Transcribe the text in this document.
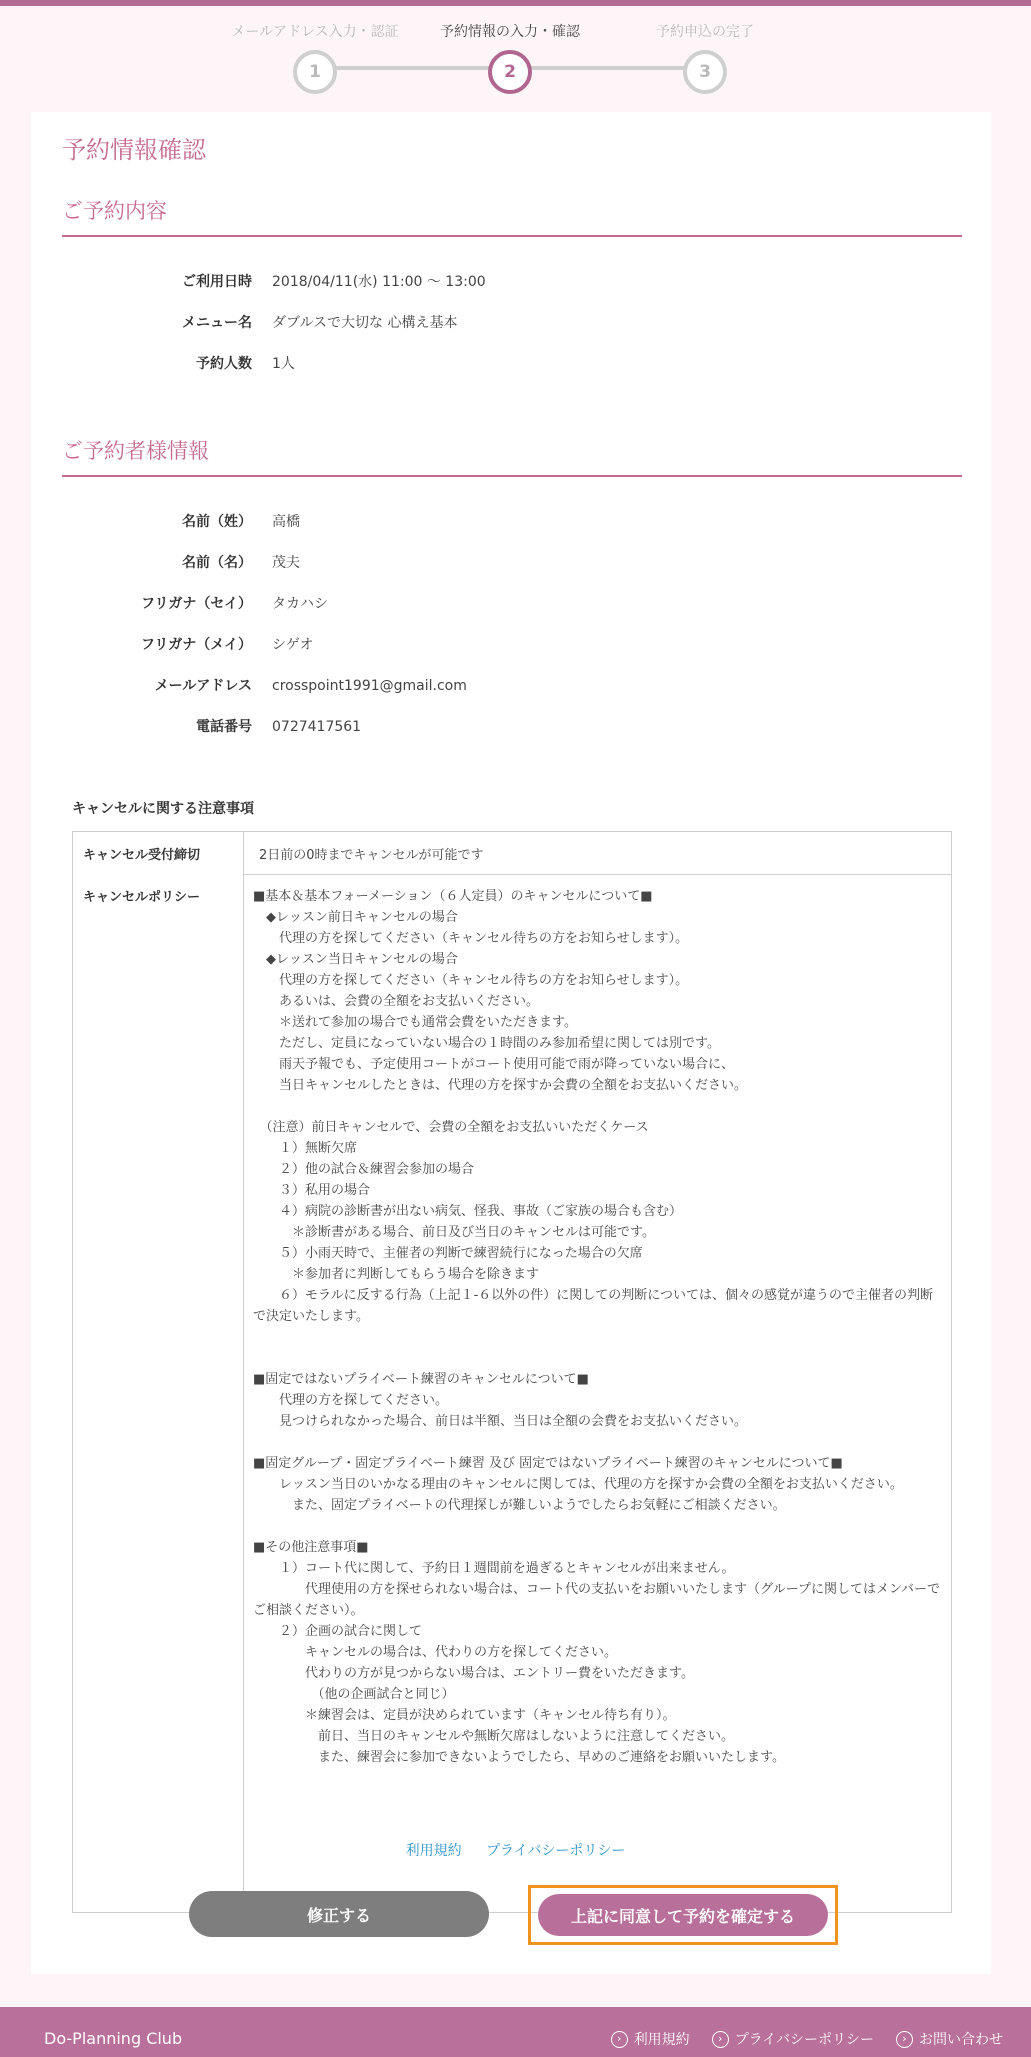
メールアドレス入力・認証
1
予約情報の入力・確認
2
予約申込の完了
3
予約情報確認
ご予約内容
ご利用日時 2018/04/11(水) 11:00 ～ 13:00
メニュー名 ダブルスで大切な 心構え基本
予約人数 1人
ご予約者様情報
名前（姓） 高橋
名前（名） 茂夫
フリガナ（セイ） タカハシ
フリガナ（メイ） シゲオ
メールアドレス crosspoint1991@gmail.com
電話番号 0727417561
キャンセルに関する注意事項
キャンセル受付締切	2日前の0時までキャンセルが可能です
キャンセルポリシー	■基本＆基本フォーメーション（６人定員）のキャンセルについて■
　◆レッスン前日キャンセルの場合
　　代理の方を探してください（キャンセル待ちの方をお知らせします）。
　◆レッスン当日キャンセルの場合
　　代理の方を探してください（キャンセル待ちの方をお知らせします）。
　　あるいは、会費の全額をお支払いください。
　　＊送れて参加の場合でも通常会費をいただきます。
　　ただし、定員になっていない場合の１時間のみ参加希望に関しては別です。
　　雨天予報でも、予定使用コートがコート使用可能で雨が降っていない場合に、
　　当日キャンセルしたときは、代理の方を探すか会費の全額をお支払いください。
　（注意）前日キャンセルで、会費の全額をお支払いいただくケース
　　１）無断欠席
　　２）他の試合＆練習会参加の場合
　　３）私用の場合
　　４）病院の診断書が出ない病気、怪我、事故（ご家族の場合も含む）
　　　＊診断書がある場合、前日及び当日のキャンセルは可能です。
　　５）小雨天時で、主催者の判断で練習続行になった場合の欠席
　　　＊参加者に判断してもらう場合を除きます
　　６）モラルに反する行為（上記１-６以外の件）に関しての判断については、個々の感覚が違うので主催者の判断で決定いたします。
■固定ではないプライベート練習のキャンセルについて■
　　代理の方を探してください。
　　見つけられなかった場合、前日は半額、当日は全額の会費をお支払いください。
■固定グループ・固定プライベート練習 及び 固定ではないプライベート練習のキャンセルについて■
　　レッスン当日のいかなる理由のキャンセルに関しては、代理の方を探すか会費の全額をお支払いください。
　　　また、固定プライベートの代理探しが難しいようでしたらお気軽にご相談ください。
■その他注意事項■
　　１）コート代に関して、予約日１週間前を過ぎるとキャンセルが出来ません。
　　　　代理使用の方を探せられない場合は、コート代の支払いをお願いいたします（グループに関してはメンバーでご相談ください）。
　　２）企画の試合に関して
　　　　キャンセルの場合は、代わりの方を探してください。
　　　　代わりの方が見つからない場合は、エントリー費をいただきます。
　　　　　（他の企画試合と同じ）
　　　　＊練習会は、定員が決められています（キャンセル待ち有り）。
　　　　　前日、当日のキャンセルや無断欠席はしないように注意してください。
　　　　　また、練習会に参加できないようでしたら、早めのご連絡をお願いいたします。
利用規約 プライバシーポリシー
修正する	上記に同意して予約を確定する
Do-Planning Club	› 利用規約	› プライバシーポリシー	› お問い合わせ
